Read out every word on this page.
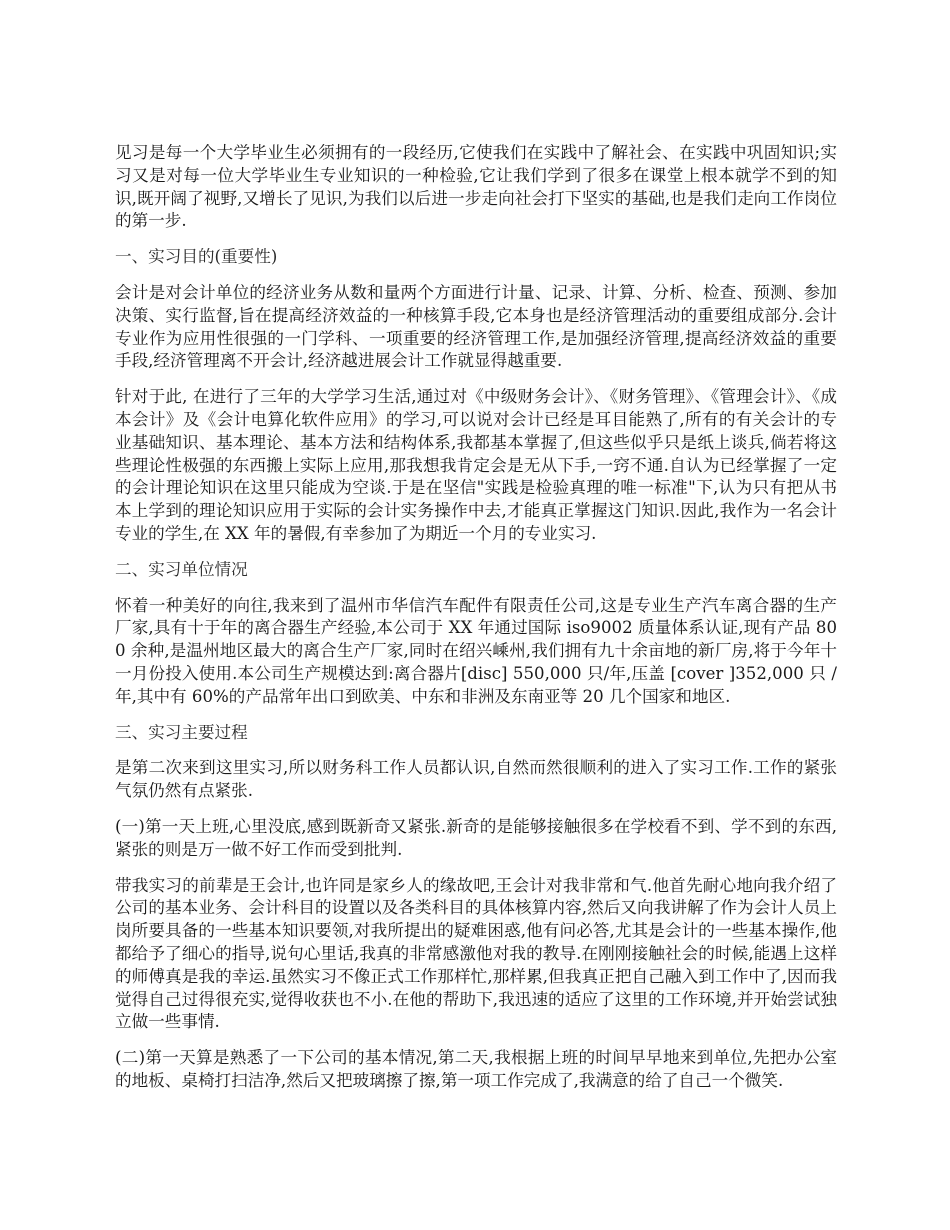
见习是每一个大学毕业生必须拥有的一段经历,它使我们在实践中了解社会、在实践中巩固知识;实习又是对每一位大学毕业生专业知识的一种检验,它让我们学到了很多在课堂上根本就学不到的知识,既开阔了视野,又增长了见识,为我们以后进一步走向社会打下坚实的基础,也是我们走向工作岗位的第一步.

一、实习目的(重要性)

会计是对会计单位的经济业务从数和量两个方面进行计量、记录、计算、分析、检查、预测、参加决策、实行监督,旨在提高经济效益的一种核算手段,它本身也是经济管理活动的重要组成部分.会计专业作为应用性很强的一门学科、一项重要的经济管理工作,是加强经济管理,提高经济效益的重要手段,经济管理离不开会计,经济越进展会计工作就显得越重要.

针对于此, 在进行了三年的大学学习生活,通过对《中级财务会计》、《财务管理》、《管理会计》、《成本会计》及《会计电算化软件应用》的学习,可以说对会计已经是耳目能熟了,所有的有关会计的专业基础知识、基本理论、基本方法和结构体系,我都基本掌握了,但这些似乎只是纸上谈兵,倘若将这些理论性极强的东西搬上实际上应用,那我想我肯定会是无从下手,一窍不通.自认为已经掌握了一定的会计理论知识在这里只能成为空谈.于是在坚信"实践是检验真理的唯一标准"下,认为只有把从书本上学到的理论知识应用于实际的会计实务操作中去,才能真正掌握这门知识.因此,我作为一名会计专业的学生,在 XX 年的暑假,有幸参加了为期近一个月的专业实习.

二、实习单位情况

怀着一种美好的向往,我来到了温州市华信汽车配件有限责任公司,这是专业生产汽车离合器的生产厂家,具有十于年的离合器生产经验,本公司于 XX 年通过国际 iso9002 质量体系认证,现有产品 800 余种,是温州地区最大的离合生产厂家,同时在绍兴嵊州,我们拥有九十余亩地的新厂房,将于今年十一月份投入使用.本公司生产规模达到:离合器片[disc] 550,000 只/年,压盖 [cover ]352,000 只 /年,其中有 60%的产品常年出口到欧美、中东和非洲及东南亚等 20 几个国家和地区.

三、实习主要过程

是第二次来到这里实习,所以财务科工作人员都认识,自然而然很顺利的进入了实习工作.工作的紧张气氛仍然有点紧张.

(一)第一天上班,心里没底,感到既新奇又紧张.新奇的是能够接触很多在学校看不到、学不到的东西,紧张的则是万一做不好工作而受到批判.

带我实习的前辈是王会计,也许同是家乡人的缘故吧,王会计对我非常和气.他首先耐心地向我介绍了公司的基本业务、会计科目的设置以及各类科目的具体核算内容,然后又向我讲解了作为会计人员上岗所要具备的一些基本知识要领,对我所提出的疑难困惑,他有问必答,尤其是会计的一些基本操作,他都给予了细心的指导,说句心里话,我真的非常感激他对我的教导.在刚刚接触社会的时候,能遇上这样的师傅真是我的幸运.虽然实习不像正式工作那样忙,那样累,但我真正把自己融入到工作中了,因而我觉得自己过得很充实,觉得收获也不小.在他的帮助下,我迅速的适应了这里的工作环境,并开始尝试独立做一些事情.

(二)第一天算是熟悉了一下公司的基本情况,第二天,我根据上班的时间早早地来到单位,先把办公室的地板、桌椅打扫洁净,然后又把玻璃擦了擦,第一项工作完成了,我满意的给了自己一个微笑.
